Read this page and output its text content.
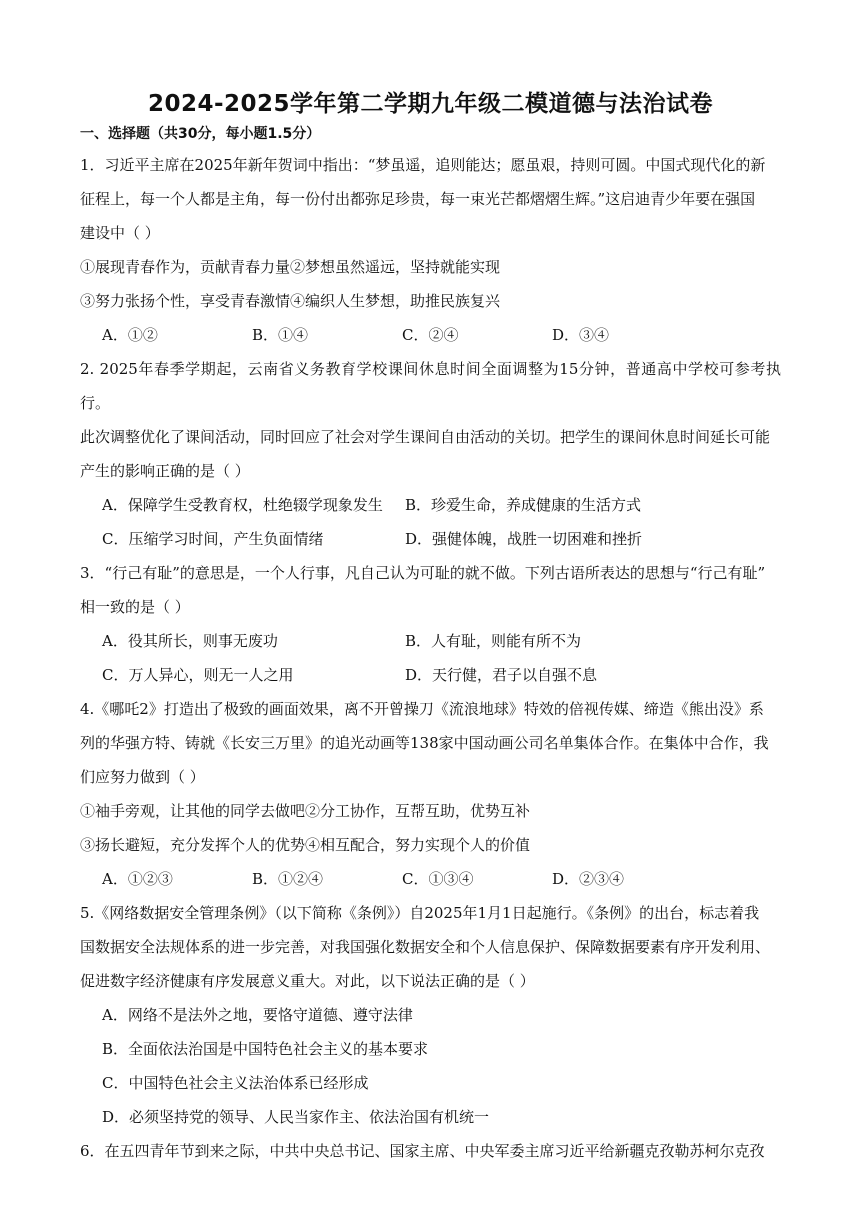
2024-2025学年第二学期九年级二模道德与法治试卷
一、选择题（共30分，每小题1.5分）

1．习近平主席在2025年新年贺词中指出：“梦虽遥，追则能达；愿虽艰，持则可圆。中国式现代化的新

征程上，每一个人都是主角，每一份付出都弥足珍贵，每一束光芒都熠熠生辉。”这启迪青少年要在强国

建设中（ ）

①展现青春作为，贡献青春力量②梦想虽然遥远，坚持就能实现

③努力张扬个性，享受青春激情④编织人生梦想，助推民族复兴

A．①②	B．①④	C．②④	D．③④

2. 2025年春季学期起，云南省义务教育学校课间休息时间全面调整为15分钟，普通高中学校可参考执行。

此次调整优化了课间活动，同时回应了社会对学生课间自由活动的关切。把学生的课间休息时间延长可能

产生的影响正确的是（ ）

A．保障学生受教育权，杜绝辍学现象发生	B．珍爱生命，养成健康的生活方式
C．压缩学习时间，产生负面情绪	D．强健体魄，战胜一切困难和挫折

3．“行己有耻”的意思是，一个人行事，凡自己认为可耻的就不做。下列古语所表达的思想与“行己有耻”

相一致的是（ ）

A．役其所长，则事无废功	B．人有耻，则能有所不为
C．万人异心，则无一人之用	D．天行健，君子以自强不息

4.《哪吒2》打造出了极致的画面效果，离不开曾操刀《流浪地球》特效的倍视传媒、缔造《熊出没》系

列的华强方特、铸就《长安三万里》的追光动画等138家中国动画公司名单集体合作。在集体中合作，我

们应努力做到（ ）

①袖手旁观，让其他的同学去做吧②分工协作，互帮互助，优势互补

③扬长避短，充分发挥个人的优势④相互配合，努力实现个人的价值

A．①②③	B．①②④	C．①③④	D．②③④

5.《网络数据安全管理条例》（以下简称《条例》）自2025年1月1日起施行。《条例》的出台，标志着我

国数据安全法规体系的进一步完善，对我国强化数据安全和个人信息保护、保障数据要素有序开发利用、

促进数字经济健康有序发展意义重大。对此，以下说法正确的是（ ）

A．网络不是法外之地，要恪守道德、遵守法律

B．全面依法治国是中国特色社会主义的基本要求

C．中国特色社会主义法治体系已经形成

D．必须坚持党的领导、人民当家作主、依法治国有机统一

6．在五四青年节到来之际，中共中央总书记、国家主席、中央军委主席习近平给新疆克孜勒苏柯尔克孜
